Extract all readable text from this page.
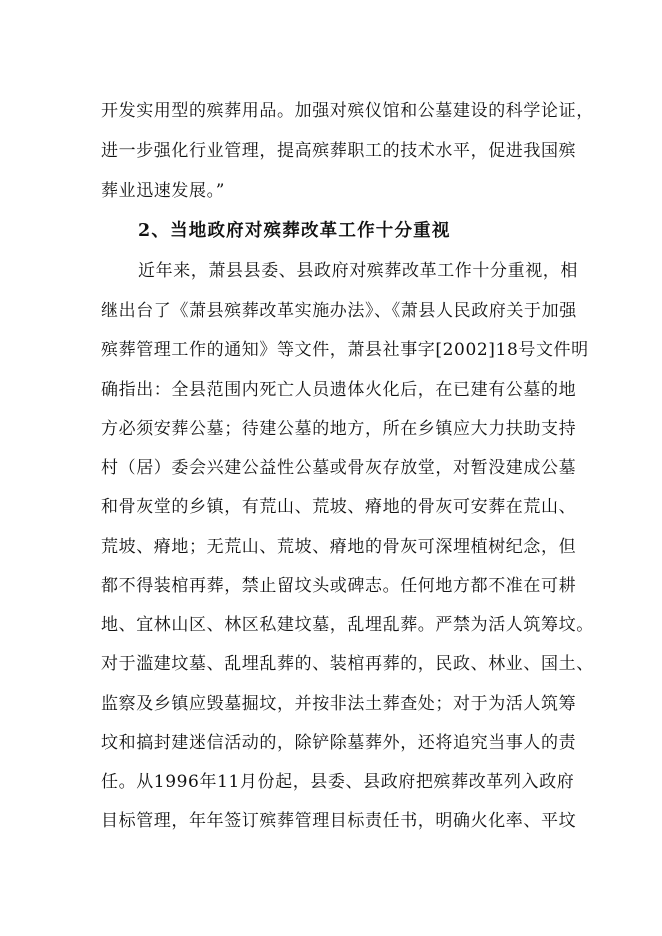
开发实用型的殡葬用品。加强对殡仪馆和公墓建设的科学论证，
进一步强化行业管理，提高殡葬职工的技术水平，促进我国殡
葬业迅速发展。”
2、当地政府对殡葬改革工作十分重视
近年来，萧县县委、县政府对殡葬改革工作十分重视，相
继出台了《萧县殡葬改革实施办法》、《萧县人民政府关于加强
殡葬管理工作的通知》等文件，萧县社事字[2002]18号文件明
确指出：全县范围内死亡人员遗体火化后，在已建有公墓的地
方必须安葬公墓；待建公墓的地方，所在乡镇应大力扶助支持
村（居）委会兴建公益性公墓或骨灰存放堂，对暂没建成公墓
和骨灰堂的乡镇，有荒山、荒坡、瘠地的骨灰可安葬在荒山、
荒坡、瘠地；无荒山、荒坡、瘠地的骨灰可深埋植树纪念，但
都不得装棺再葬，禁止留坟头或碑志。任何地方都不准在可耕
地、宜林山区、林区私建坟墓，乱埋乱葬。严禁为活人筑筹坟。
对于滥建坟墓、乱埋乱葬的、装棺再葬的，民政、林业、国土、
监察及乡镇应毁墓掘坟，并按非法土葬查处；对于为活人筑筹
坟和搞封建迷信活动的，除铲除墓葬外，还将追究当事人的责
任。从1996年11月份起，县委、县政府把殡葬改革列入政府
目标管理，年年签订殡葬管理目标责任书，明确火化率、平坟
